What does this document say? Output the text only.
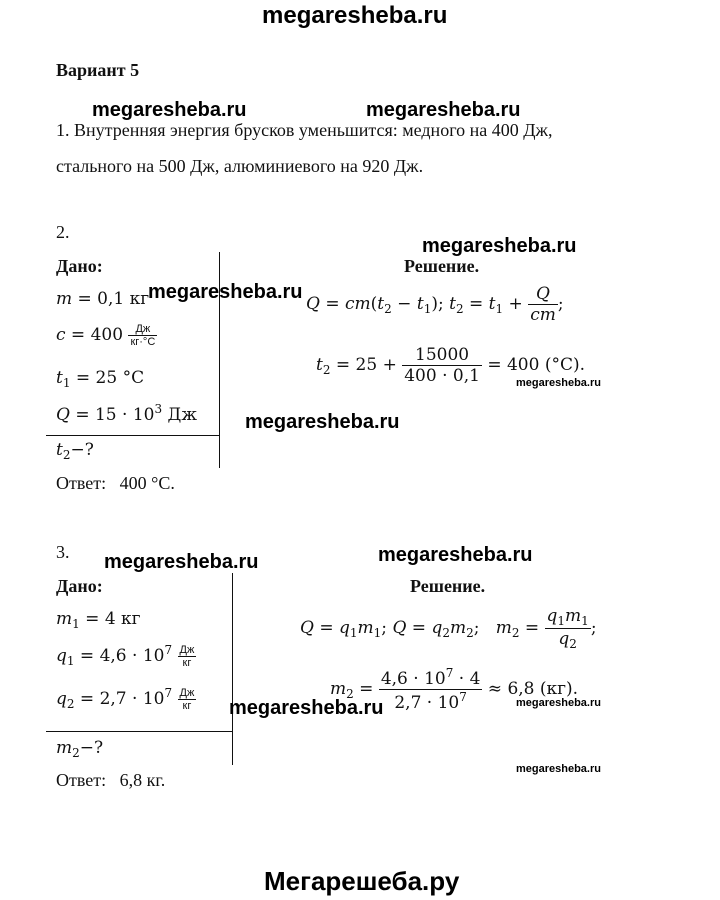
megaresheba.ru
Вариант 5
megaresheba.ru	megaresheba.ru
1. Внутренняя энергия брусков уменьшится: медного на 400 Дж,
стального на 500 Дж, алюминиевого на 920 Дж.
2.
megaresheba.ru
Дано:	Решение.
m = 0,1 кг
megaresheba.ru
$c = 400 \frac{Дж}{кг\cdot^\circ С}$
$t_1 = 25$ °С
$Q = 15 \cdot 10^3$ Дж
$t_2-$?
Ответ: 400 °С.
$Q = cm(t_2 - t_1)$; $t_2 = t_1 + \frac{Q}{cm}$ ;
$t_2 = 25 + \frac{15000}{400 \cdot 0,1} = 400$ (°С).
megaresheba.ru
megaresheba.ru
3. megaresheba.ru	megaresheba.ru
Дано:	Решение.
$m_1 = 4$ кг
$q_1 = 4,6 \cdot 10^7 \frac{Дж}{кг}$
$q_2 = 2,7 \cdot 10^7 \frac{Дж}{кг}$ megaresheba.ru
$m_2-$?
Ответ: 6,8 кг.
$Q = q_1m_1$; $Q = q_2m_2$;   $m_2 = \frac{q_1m_1}{q_2}$ ;
$m_2 = \frac{4,6 \cdot 10^7 \cdot 4}{2,7 \cdot 10^7} \approx 6,8$ (кг).
megaresheba.ru
megaresheba.ru
Мегарешеба.ру
